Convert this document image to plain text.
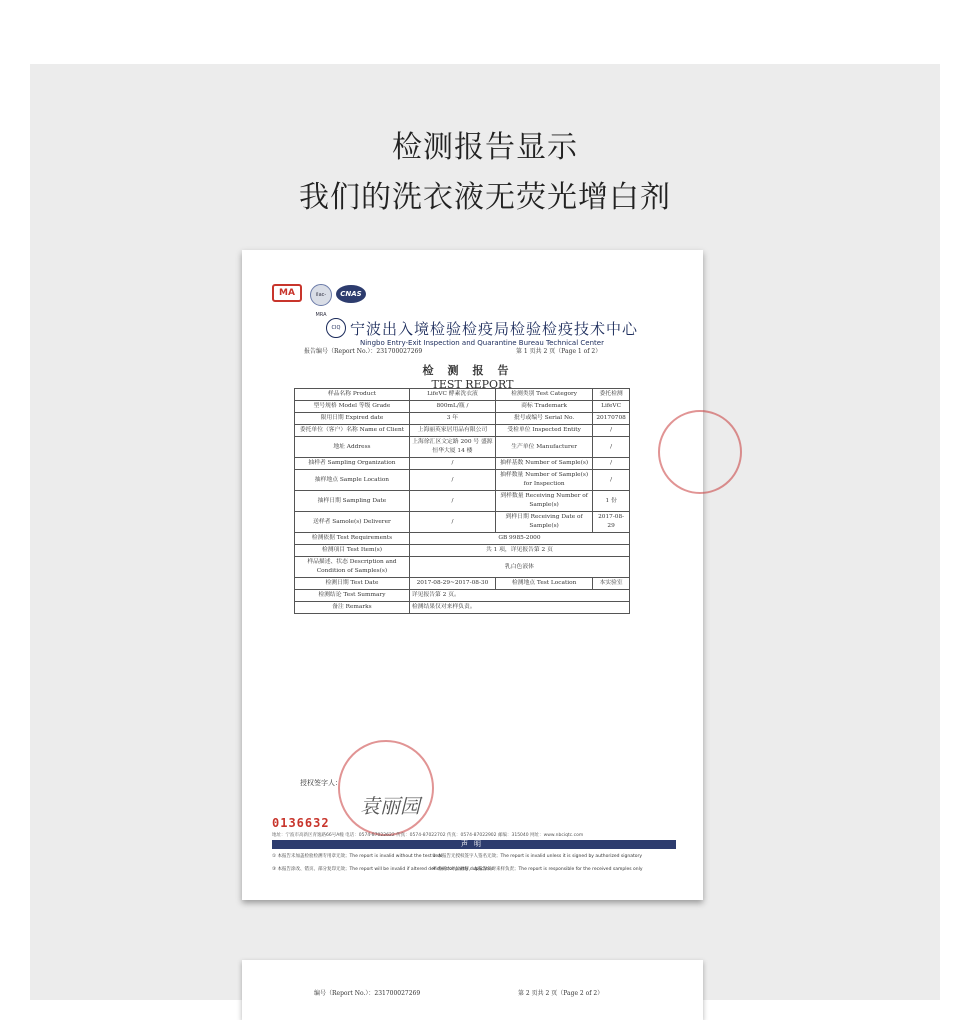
检测报告显示
我们的洗衣液无荧光增白剂
MA	ilac-MRA
CNAS
CIQ 宁波出入境检验检疫局检验检疫技术中心
Ningbo Entry-Exit Inspection and Quarantine Bureau Technical Center
报告编号（Report No.）：231700027269	第 1 页共 2 页（Page 1 of 2）
检测报告
TEST REPORT
样品名称 Product	LifeVC 酵素洗衣液	检测类别 Test Category	委托检测
型号规格 Model 等级 Grade	800mL/瓶 /	商标 Trademark	LifeVC
限用日期 Expired date	3 年	批号或编号 Serial No.	20170708
委托单位（客户）名称 Name of Client	上海丽英家居用品有限公司	受检单位 Inspected Entity	/
地址 Address	上海徐汇区文定路 200 号 盛源恒华大厦 14 楼	生产单位 Manufacturer	/
抽样者 Sampling Organization	/	抽样基数 Number of Sample(s)	/
抽样地点 Sample Location	/	抽样数量 Number of Sample(s) for Inspection	/
抽样日期 Sampling Date	/	到样数量 Receiving Number of Sample(s)	1 份
送样者 Samole(s) Deliverer	/	到样日期 Receiving Date of Sample(s)	2017-08-29
检测依据 Test Requirements	GB 9985-2000		
检测项目 Test Item(s)	共 1 项，详见报告第 2 页		
样品描述、状态 Description and Condition of Samples(s)	乳白色液体		
检测日期 Test Date	2017-08-29~2017-08-30	检测地点 Test Location	本实验室
检测结论 Test Summary	详见报告第 2 页。		
备注 Remarks	检测结果仅对来样负责。		
授权签字人：
袁丽园
0136632
地址：宁波市高新区青逸路66号A幢 电话：0574-87022622 传真：0574-87022702 传真：0574-87022902 邮编：315040 网址：www.nbciqtc.com
声明
① 本报告未加盖检验检测专用章无效；The report is invalid without the test seal
② 本报告无授权签字人签名无效；The report is invalid unless it is signed by authorized signatory
③ 本报告涂改、错页、部分复印无效；The report will be invalid if altered deficient or partly duplicated
④ 委托本单位抽样，本报告仅对来样负责；The report is responsible for the received samples only
编号（Report No.）：231700027269	第 2 页共 2 页（Page 2 of 2）
